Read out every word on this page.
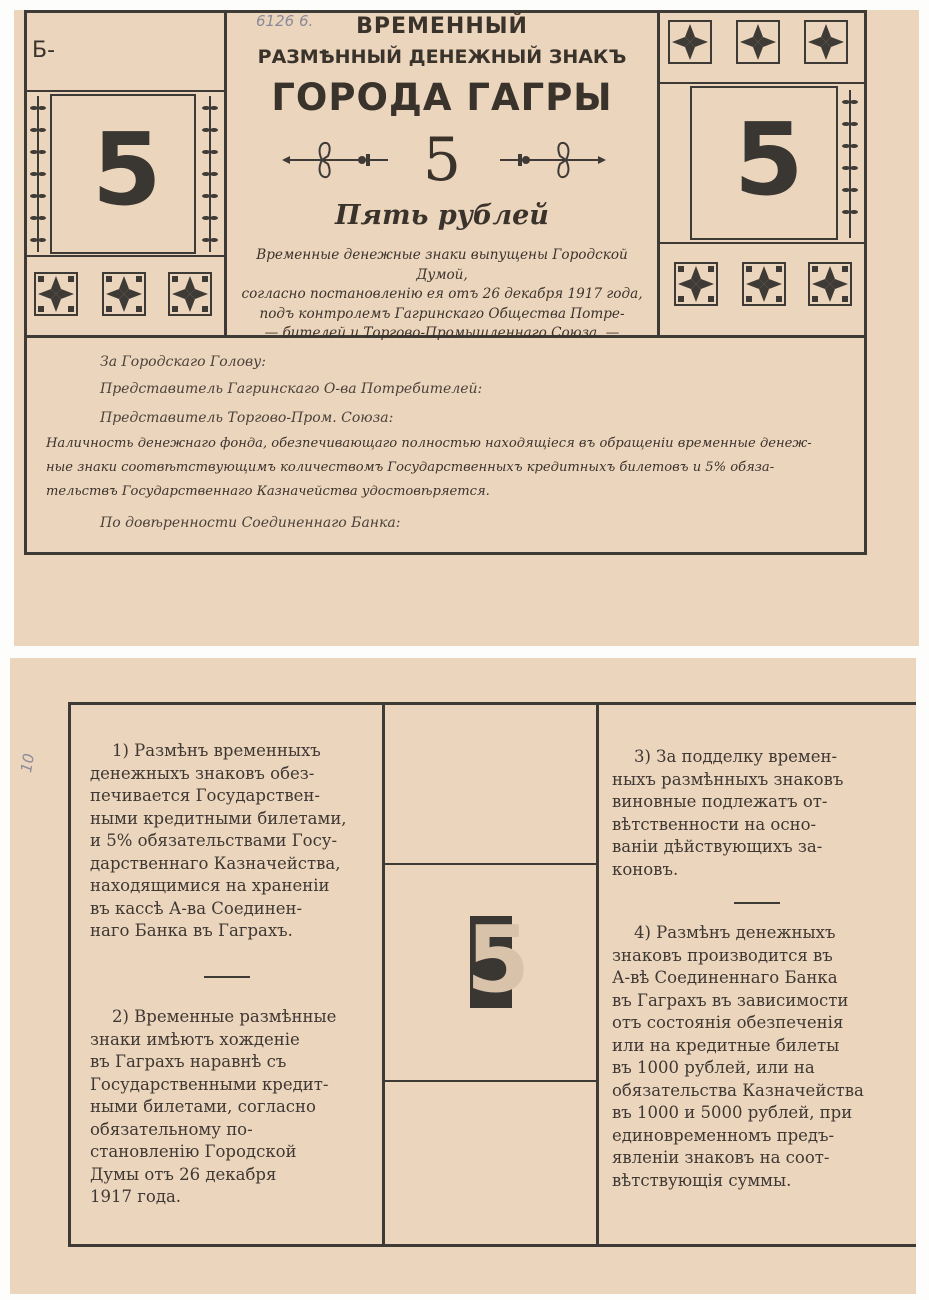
Б-
5
6126 6.	ВРЕМЕННЫЙ
РАЗМѢННЫЙ ДЕНЕЖНЫЙ ЗНАКЪ
ГОРОДА ГАГРЫ
5
Пять рублей
Временные денежные знаки выпущены Городской Думой,
согласно постановленію ея отъ 26 декабря 1917 года,
подъ контролемъ Гагринскаго Общества Потре-
— бителей и Торгово-Промышленнаго Союза. —
5
За Городскаго Голову:
Представитель Гагринскаго О-ва Потребителей:
Представитель Торгово-Пром. Союза:
Наличность денежнаго фонда, обезпечивающаго полностью находящіеся въ обращеніи временные денеж-
ные знаки соотвѣтствующимъ количествомъ Государственныхъ кредитныхъ билетовъ и 5% обяза-
тельствъ Государственнаго Казначейства удостовѣряется.
По довѣренности Соединеннаго Банка:
10
5
1) Размѣнъ временныхъ
денежныхъ знаковъ обез-
печивается Государствен-
ными кредитными билетами,
и 5% обязательствами Госу-
дарственнаго Казначейства,
находящимися на храненіи
въ кассѣ А-ва Соединен-
наго Банка въ Гаграхъ.
2) Временные размѣнные
знаки имѣютъ хожденіе
въ Гаграхъ наравнѣ съ
Государственными кредит-
ными билетами, согласно
обязательному по-
становленію Городской
Думы отъ 26 декабря
1917 года.
3) За подделку времен-
ныхъ размѣнныхъ знаковъ
виновные подлежатъ от-
вѣтственности на осно-
ваніи дѣйствующихъ за-
коновъ.
4) Размѣнъ денежныхъ
знаковъ производится въ
А-вѣ Соединеннаго Банка
въ Гаграхъ въ зависимости
отъ состоянія обезпеченія
или на кредитные билеты
въ 1000 рублей, или на
обязательства Казначейства
въ 1000 и 5000 рублей, при
единовременномъ предъ-
явленіи знаковъ на соот-
вѣтствующія суммы.
